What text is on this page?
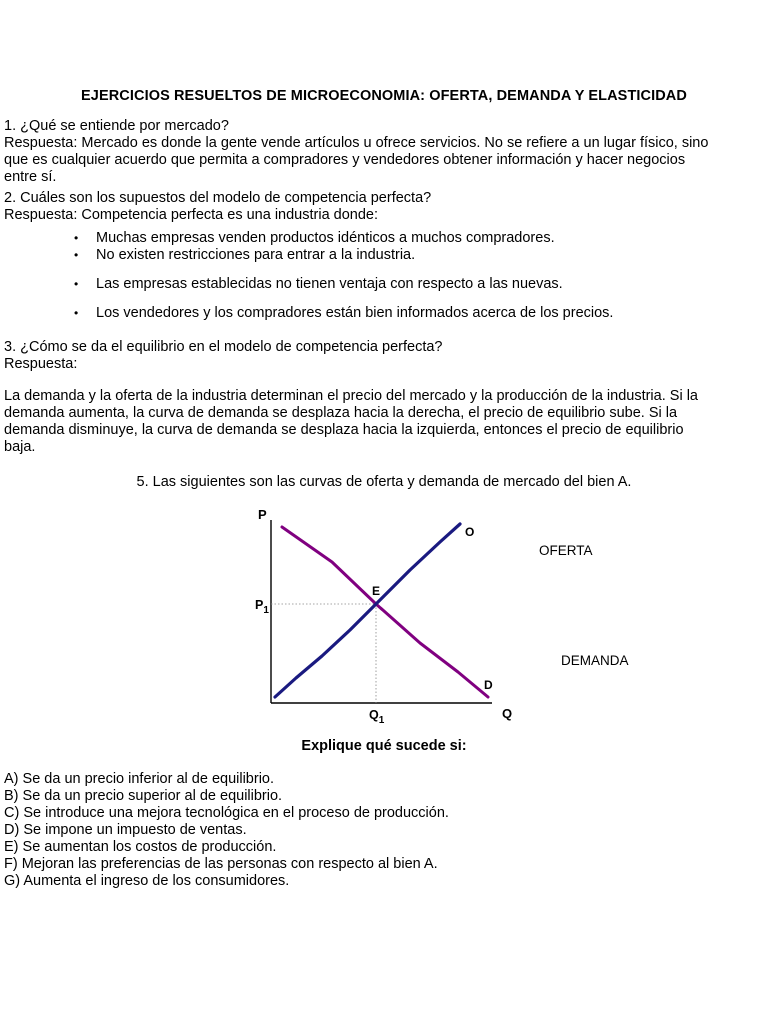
EJERCICIOS RESUELTOS DE MICROECONOMIA: OFERTA, DEMANDA Y ELASTICIDAD
1. ¿Qué se entiende por mercado?
Respuesta: Mercado es donde la gente vende artículos u ofrece servicios. No se refiere a un lugar físico, sino
que es cualquier acuerdo que permita a compradores y vendedores obtener información y hacer negocios
entre sí.
2. Cuáles son los supuestos del modelo de competencia perfecta?
Respuesta: Competencia perfecta es una industria donde:
• Muchas empresas venden productos idénticos a muchos compradores.
• No existen restricciones para entrar a la industria.
• Las empresas establecidas no tienen ventaja con respecto a las nuevas.
• Los vendedores y los compradores están bien informados acerca de los precios.
3. ¿Cómo se da el equilibrio en el modelo de competencia perfecta?
Respuesta:
La demanda y la oferta de la industria determinan el precio del mercado y la producción de la industria. Si la
demanda aumenta, la curva de demanda se desplaza hacia la derecha, el precio de equilibrio sube. Si la
demanda disminuye, la curva de demanda se desplaza hacia la izquierda, entonces el precio de equilibrio
baja.
5. Las siguientes son las curvas de oferta y demanda de mercado del bien A.
P
Q
O
D
E
$P_1$
$Q_1$
OFERTA
DEMANDA
Explique qué sucede si:
A) Se da un precio inferior al de equilibrio.
B) Se da un precio superior al de equilibrio.
C) Se introduce una mejora tecnológica en el proceso de producción.
D) Se impone un impuesto de ventas.
E) Se aumentan los costos de producción.
F) Mejoran las preferencias de las personas con respecto al bien A.
G) Aumenta el ingreso de los consumidores.
